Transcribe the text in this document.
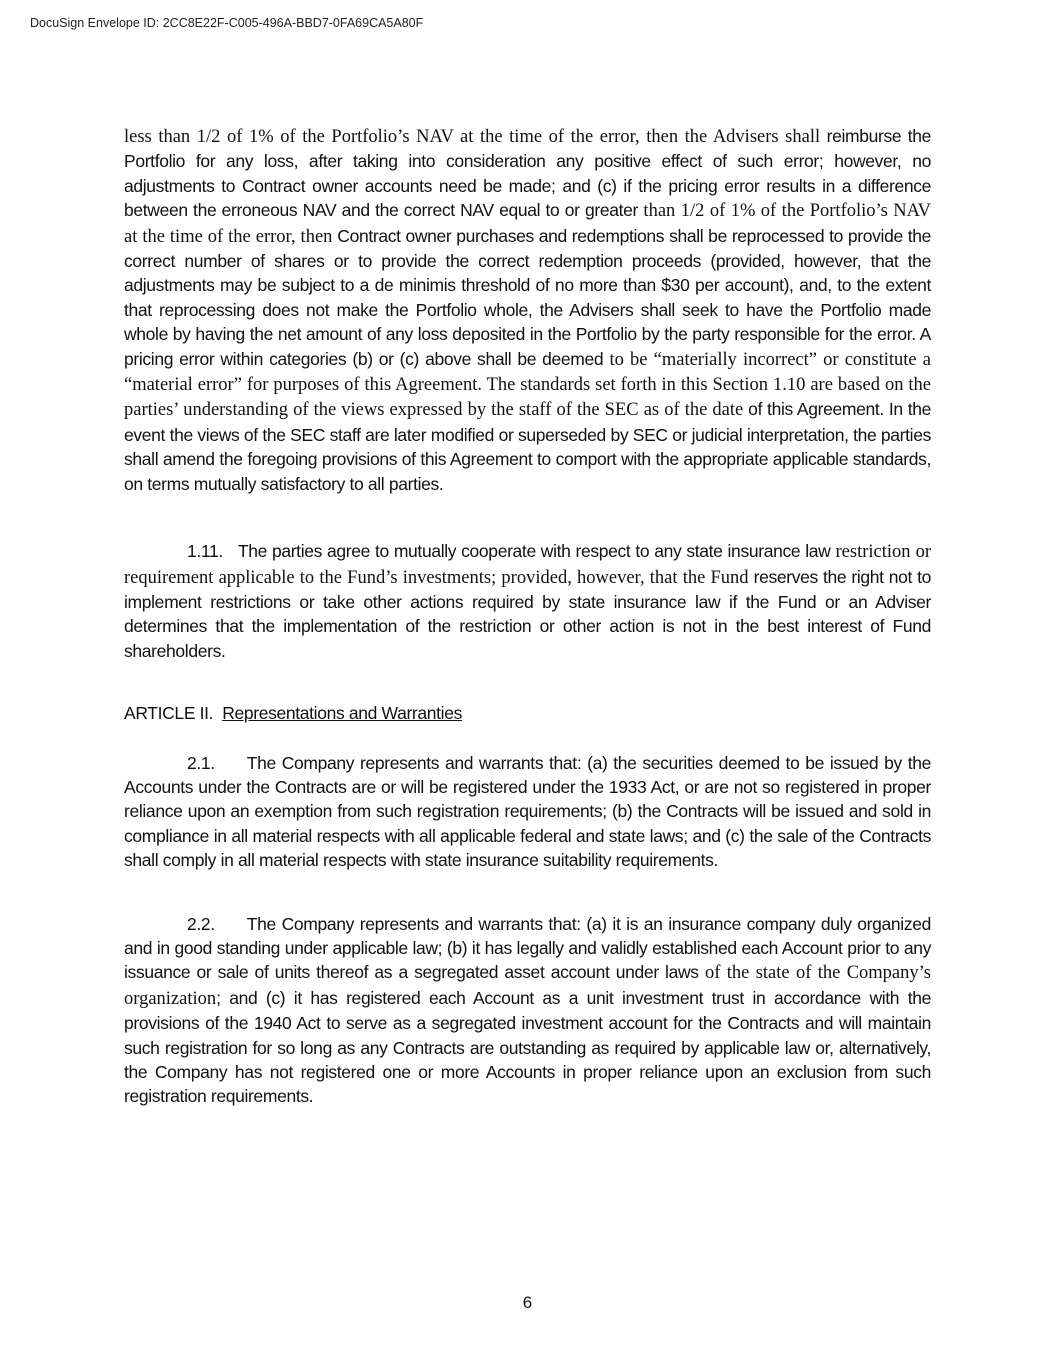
DocuSign Envelope ID: 2CC8E22F-C005-496A-BBD7-0FA69CA5A80F

less than 1/2 of 1% of the Portfolio’s NAV at the time of the error, then the Advisers shall reimburse the Portfolio for any loss, after taking into consideration any positive effect of such error; however, no adjustments to Contract owner accounts need be made; and (c) if the pricing error results in a difference between the erroneous NAV and the correct NAV equal to or greater than 1/2 of 1% of the Portfolio’s NAV at the time of the error, then Contract owner purchases and redemptions shall be reprocessed to provide the correct number of shares or to provide the correct redemption proceeds (provided, however, that the adjustments may be subject to a de minimis threshold of no more than $30 per account), and, to the extent that reprocessing does not make the Portfolio whole, the Advisers shall seek to have the Portfolio made whole by having the net amount of any loss deposited in the Portfolio by the party responsible for the error. A pricing error within categories (b) or (c) above shall be deemed to be “materially incorrect” or constitute a “material error” for purposes of this Agreement. The standards set forth in this Section 1.10 are based on the parties’ understanding of the views expressed by the staff of the SEC as of the date of this Agreement. In the event the views of the SEC staff are later modified or superseded by SEC or judicial interpretation, the parties shall amend the foregoing provisions of this Agreement to comport with the appropriate applicable standards, on terms mutually satisfactory to all parties.

1.11. The parties agree to mutually cooperate with respect to any state insurance law restriction or requirement applicable to the Fund’s investments; provided, however, that the Fund reserves the right not to implement restrictions or take other actions required by state insurance law if the Fund or an Adviser determines that the implementation of the restriction or other action is not in the best interest of Fund shareholders.

ARTICLE II. Representations and Warranties

2.1. The Company represents and warrants that: (a) the securities deemed to be issued by the Accounts under the Contracts are or will be registered under the 1933 Act, or are not so registered in proper reliance upon an exemption from such registration requirements; (b) the Contracts will be issued and sold in compliance in all material respects with all applicable federal and state laws; and (c) the sale of the Contracts shall comply in all material respects with state insurance suitability requirements.

2.2. The Company represents and warrants that: (a) it is an insurance company duly organized and in good standing under applicable law; (b) it has legally and validly established each Account prior to any issuance or sale of units thereof as a segregated asset account under laws of the state of the Company’s organization; and (c) it has registered each Account as a unit investment trust in accordance with the provisions of the 1940 Act to serve as a segregated investment account for the Contracts and will maintain such registration for so long as any Contracts are outstanding as required by applicable law or, alternatively, the Company has not registered one or more Accounts in proper reliance upon an exclusion from such registration requirements.

6
